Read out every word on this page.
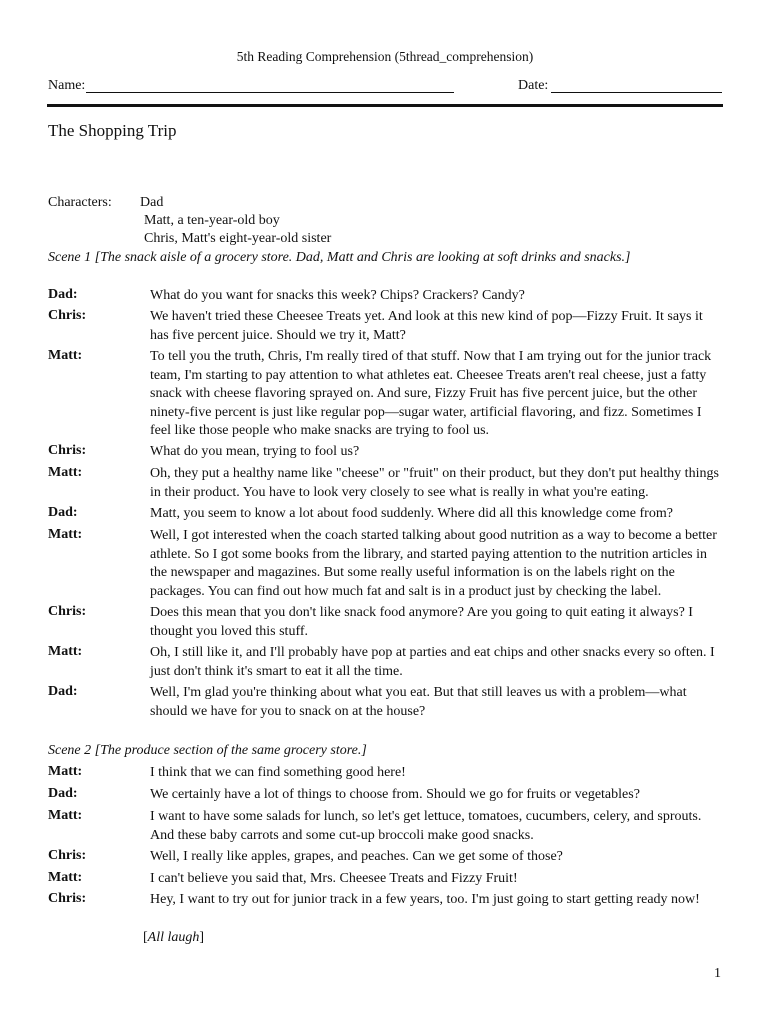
5th Reading Comprehension (5thread_comprehension)
Name:	Date:
The Shopping Trip
Characters: Dad
Matt, a ten-year-old boy
Chris, Matt's eight-year-old sister
Scene 1 [The snack aisle of a grocery store. Dad, Matt and Chris are looking at soft drinks and snacks.]
Dad:	What do you want for snacks this week? Chips? Crackers? Candy?
Chris:	We haven't tried these Cheesee Treats yet. And look at this new kind of pop—Fizzy Fruit. It says it has five percent juice. Should we try it, Matt?
Matt:	To tell you the truth, Chris, I'm really tired of that stuff. Now that I am trying out for the junior track team, I'm starting to pay attention to what athletes eat. Cheesee Treats aren't real cheese, just a fatty snack with cheese flavoring sprayed on. And sure, Fizzy Fruit has five percent juice, but the other ninety-five percent is just like regular pop—sugar water, artificial flavoring, and fizz. Sometimes I feel like those people who make snacks are trying to fool us.
Chris:	What do you mean, trying to fool us?
Matt:	Oh, they put a healthy name like "cheese" or "fruit" on their product, but they don't put healthy things in their product. You have to look very closely to see what is really in what you're eating.
Dad:	Matt, you seem to know a lot about food suddenly. Where did all this knowledge come from?
Matt:	Well, I got interested when the coach started talking about good nutrition as a way to become a better athlete. So I got some books from the library, and started paying attention to the nutrition articles in the newspaper and magazines. But some really useful information is on the labels right on the packages. You can find out how much fat and salt is in a product just by checking the label.
Chris:	Does this mean that you don't like snack food anymore? Are you going to quit eating it always? I thought you loved this stuff.
Matt:	Oh, I still like it, and I'll probably have pop at parties and eat chips and other snacks every so often. I just don't think it's smart to eat it all the time.
Dad:	Well, I'm glad you're thinking about what you eat. But that still leaves us with a problem—what should we have for you to snack on at the house?
Scene 2 [The produce section of the same grocery store.]
Matt:	I think that we can find something good here!
Dad:	We certainly have a lot of things to choose from. Should we go for fruits or vegetables?
Matt:	I want to have some salads for lunch, so let's get lettuce, tomatoes, cucumbers, celery, and sprouts. And these baby carrots and some cut-up broccoli make good snacks.
Chris:	Well, I really like apples, grapes, and peaches. Can we get some of those?
Matt:	I can't believe you said that, Mrs. Cheesee Treats and Fizzy Fruit!
Chris:	Hey, I want to try out for junior track in a few years, too. I'm just going to start getting ready now!
[All laugh]
1
